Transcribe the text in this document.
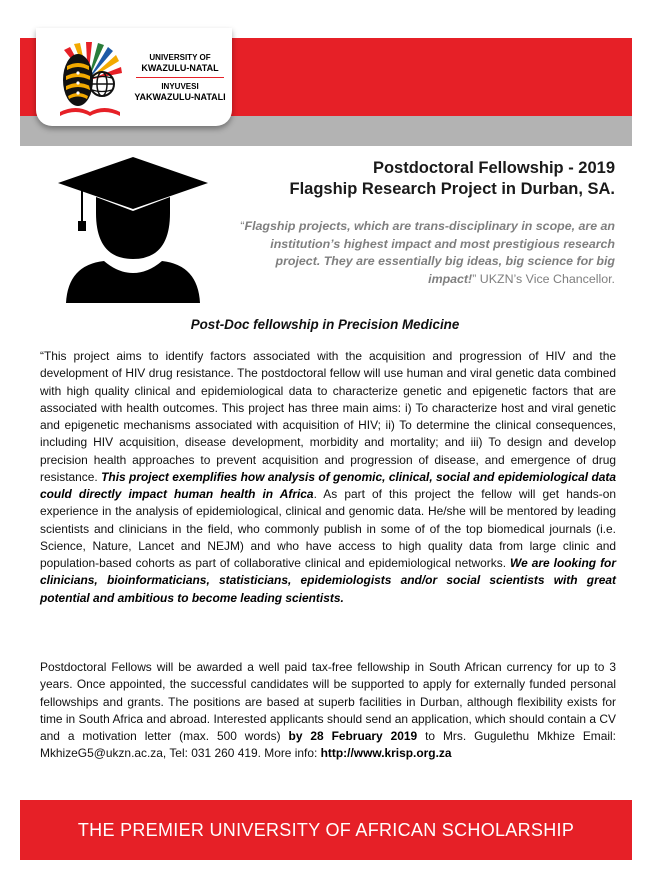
UNIVERSITY OF
KWAZULU-NATAL
INYUVESI
YAKWAZULU-NATALI
Postdoctoral Fellowship - 2019
Flagship Research Project in Durban, SA.
“Flagship projects, which are trans-disciplinary in scope, are an institution’s highest impact and most prestigious research project. They are essentially big ideas, big science for big impact!” UKZN’s Vice Chancellor.
Post-Doc fellowship in Precision Medicine
“This project aims to identify factors associated with the acquisition and progression of HIV and the development of HIV drug resistance. The postdoctoral fellow will use human and viral genetic data combined with high quality clinical and epidemiological data to characterize genetic and epigenetic factors that are associated with health outcomes. This project has three main aims: i) To characterize host and viral genetic and epigenetic mechanisms associated with acquisition of HIV; ii) To determine the clinical consequences, including HIV acquisition, disease development, morbidity and mortality; and iii) To design and develop precision health approaches to prevent acquisition and progression of disease, and emergence of drug resistance. This project exemplifies how analysis of genomic, clinical, social and epidemiological data could directly impact human health in Africa. As part of this project the fellow will get hands-on experience in the analysis of epidemiological, clinical and genomic data. He/she will be mentored by leading scientists and clinicians in the field, who commonly publish in some of of the top biomedical journals (i.e. Science, Nature, Lancet and NEJM) and who have access to high quality data from large clinic and population-based cohorts as part of collaborative clinical and epidemiological networks. We are looking for clinicians, bioinformaticians, statisticians, epidemiologists and/or social scientists with great potential and ambitious to become leading scientists.
Postdoctoral Fellows will be awarded a well paid tax-free fellowship in South African currency for up to 3 years. Once appointed, the successful candidates will be supported to apply for externally funded personal fellowships and grants. The positions are based at superb facilities in Durban, although flexibility exists for time in South Africa and abroad. Interested applicants should send an application, which should contain a CV and a motivation letter (max. 500 words) by 28 February 2019 to Mrs. Gugulethu Mkhize Email: MkhizeG5@ukzn.ac.za, Tel: 031 260 419. More info: http://www.krisp.org.za
THE PREMIER UNIVERSITY OF AFRICAN SCHOLARSHIP
